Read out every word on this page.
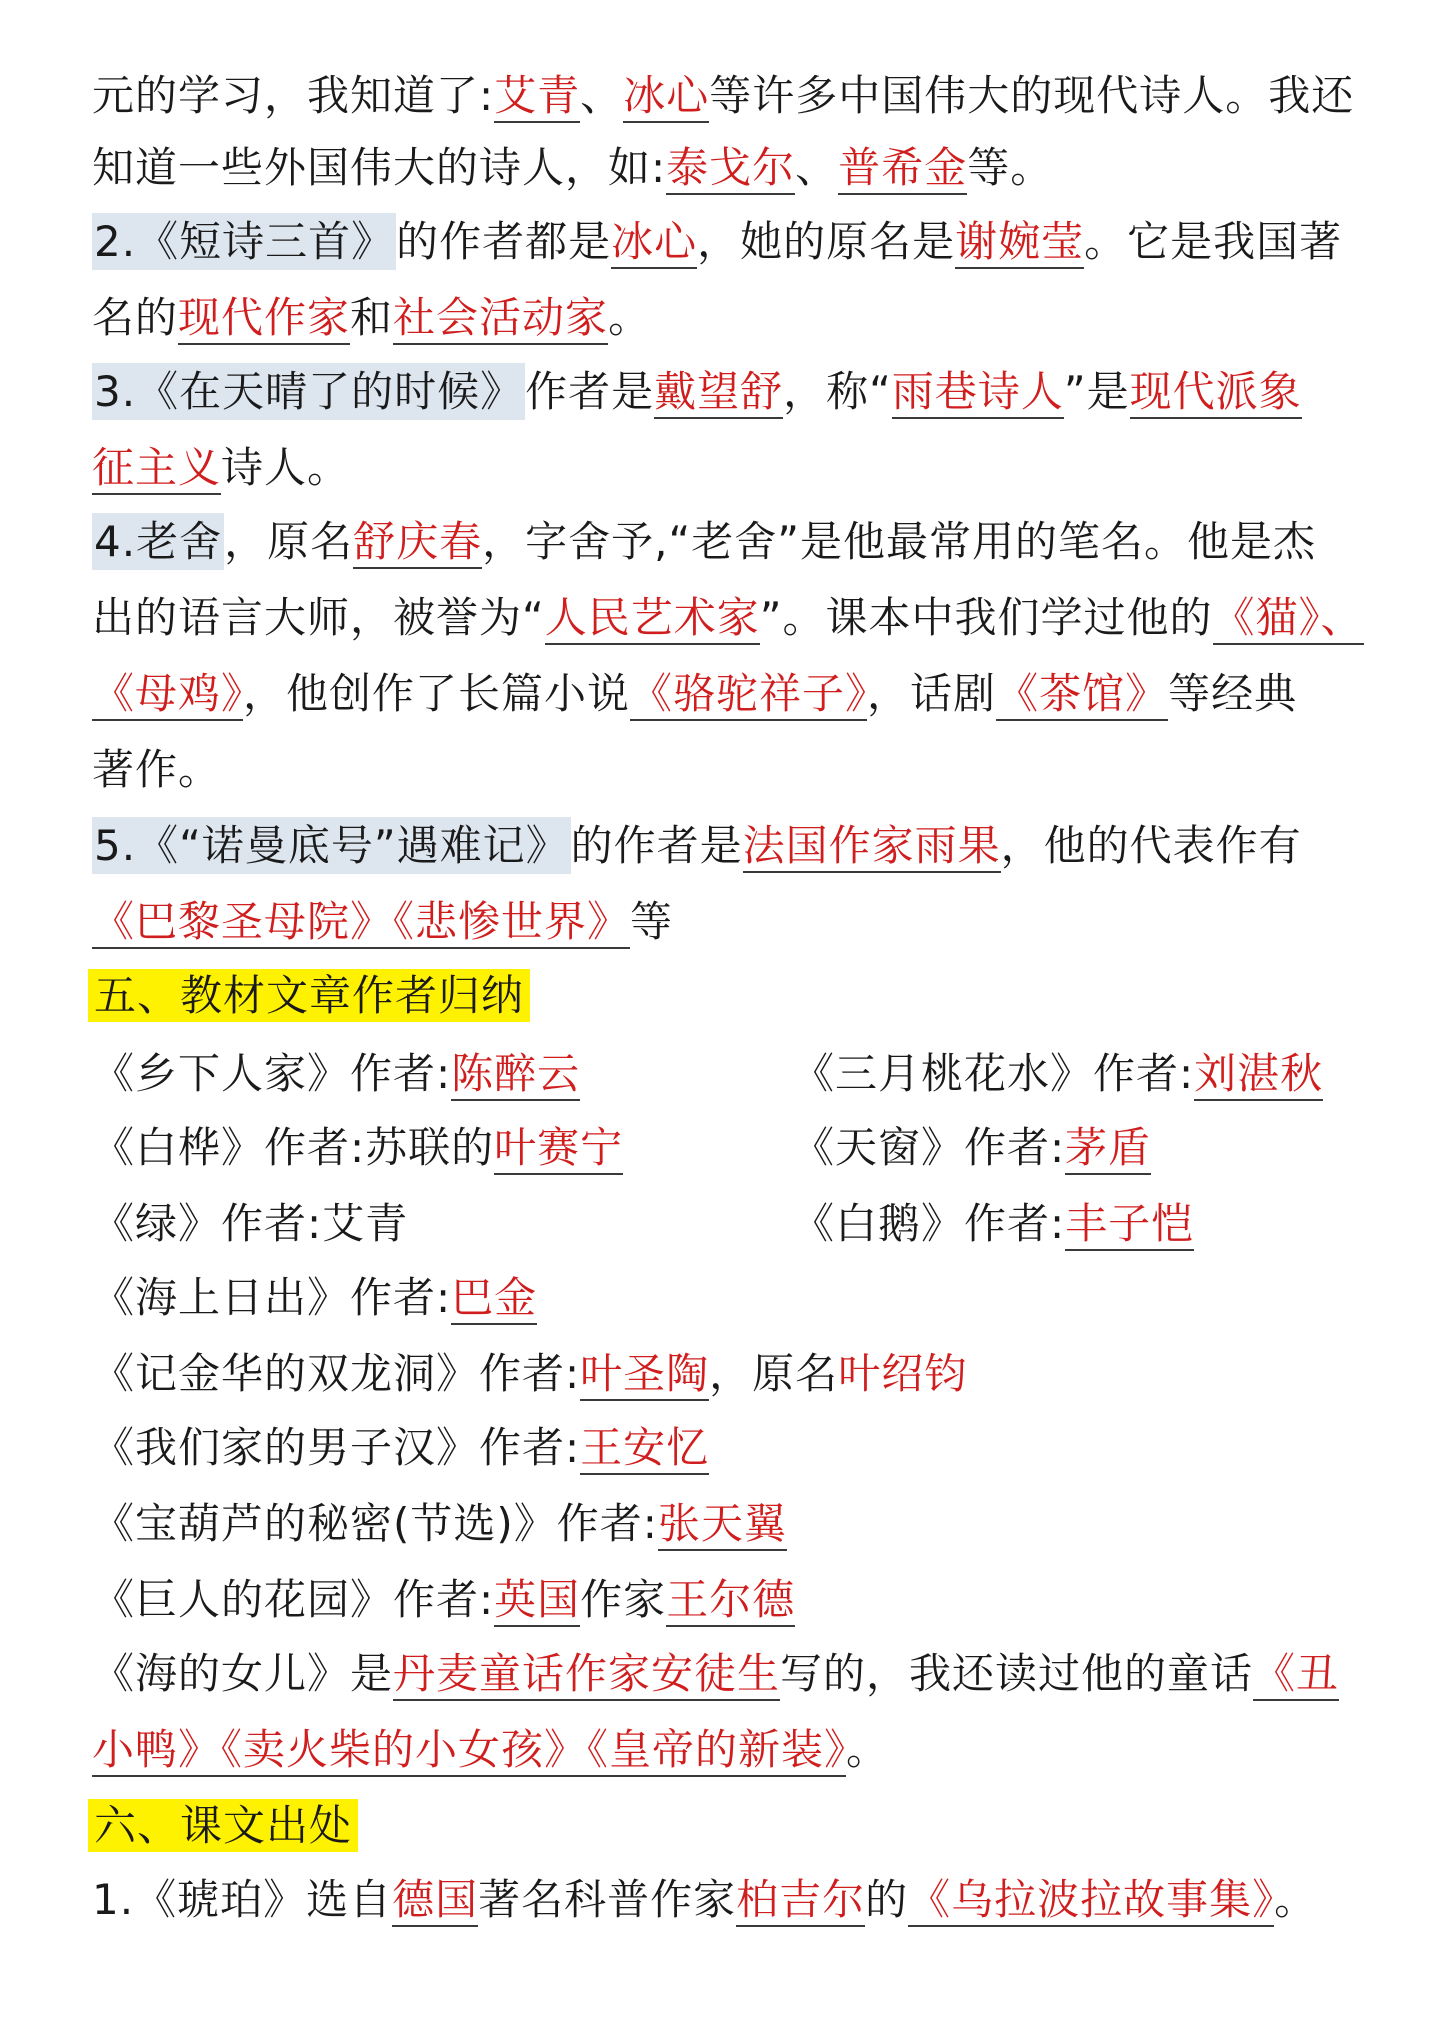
元的学习，我知道了:艾青、冰心等许多中国伟大的现代诗人。我还
知道一些外国伟大的诗人，如:泰戈尔、普希金等。
2.《短诗三首》的作者都是冰心，她的原名是谢婉莹。它是我国著
名的现代作家和社会活动家。
3.《在天晴了的时候》作者是戴望舒，称“雨巷诗人”是现代派象
征主义诗人。
4.老舍，原名舒庆春，字舍予,“老舍”是他最常用的笔名。他是杰
出的语言大师，被誉为“人民艺术家”。课本中我们学过他的《猫》、
《母鸡》，他创作了长篇小说《骆驼祥子》，话剧《茶馆》等经典
著作。
5.《“诺曼底号”遇难记》的作者是法国作家雨果，他的代表作有
《巴黎圣母院》《悲惨世界》等
五、教材文章作者归纳
《乡下人家》作者:陈醉云	《三月桃花水》作者:刘湛秋
《白桦》作者:苏联的叶赛宁	《天窗》作者:茅盾
《绿》作者:艾青	《白鹅》作者:丰子恺
《海上日出》作者:巴金
《记金华的双龙洞》作者:叶圣陶，原名叶绍钧
《我们家的男子汉》作者:王安忆
《宝葫芦的秘密(节选)》作者:张天翼
《巨人的花园》作者:英国作家王尔德
《海的女儿》是丹麦童话作家安徒生写的，我还读过他的童话《丑
小鸭》《卖火柴的小女孩》《皇帝的新装》。
六、课文出处
1.《琥珀》选自德国著名科普作家柏吉尔的《乌拉波拉故事集》。
